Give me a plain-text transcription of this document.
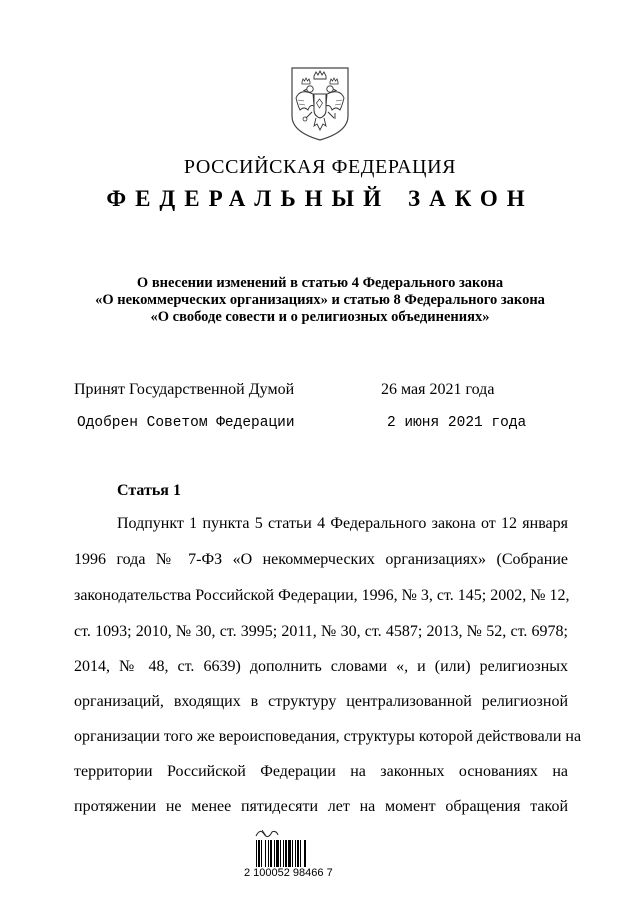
РОССИЙСКАЯ ФЕДЕРАЦИЯ
ФЕДЕРАЛЬНЫЙ ЗАКОН
О внесении изменений в статью 4 Федерального закона
«О некоммерческих организациях» и статью 8 Федерального закона
«О свободе совести и о религиозных объединениях»
Принят Государственной Думой	26 мая 2021 года
Одобрен Советом Федерации	2 июня 2021 года
Статья 1
Подпункт 1 пункта 5 статьи 4 Федерального закона от 12 января
1996 года № 7-ФЗ «О некоммерческих организациях» (Собрание
законодательства Российской Федерации, 1996, № 3, ст. 145; 2002, № 12,
ст. 1093; 2010, № 30, ст. 3995; 2011, № 30, ст. 4587; 2013, № 52, ст. 6978;
2014, № 48, ст. 6639) дополнить словами «, и (или) религиозных
организаций, входящих в структуру централизованной религиозной
организации того же вероисповедания, структуры которой действовали на
территории Российской Федерации на законных основаниях на
протяжении не менее пятидесяти лет на момент обращения такой
2 100052 98466 7
